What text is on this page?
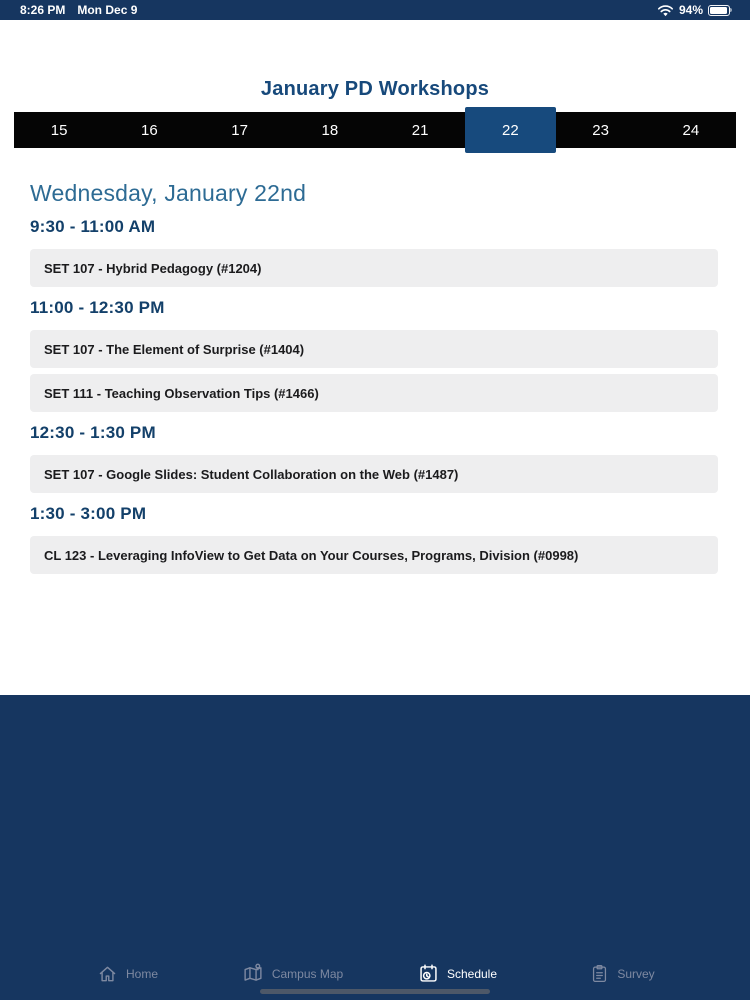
8:26 PM Mon Dec 9	94%
January PD Workshops
15	16	17	18	21	22	23	24
Wednesday, January 22nd
9:30 - 11:00 AM
SET 107 - Hybrid Pedagogy (#1204)
11:00 - 12:30 PM
SET 107 - The Element of Surprise (#1404)
SET 111 - Teaching Observation Tips (#1466)
12:30 - 1:30 PM
SET 107 - Google Slides: Student Collaboration on the Web (#1487)
1:30 - 3:00 PM
CL 123 - Leveraging InfoView to Get Data on Your Courses, Programs, Division (#0998)
Home	Campus Map	Schedule	Survey
